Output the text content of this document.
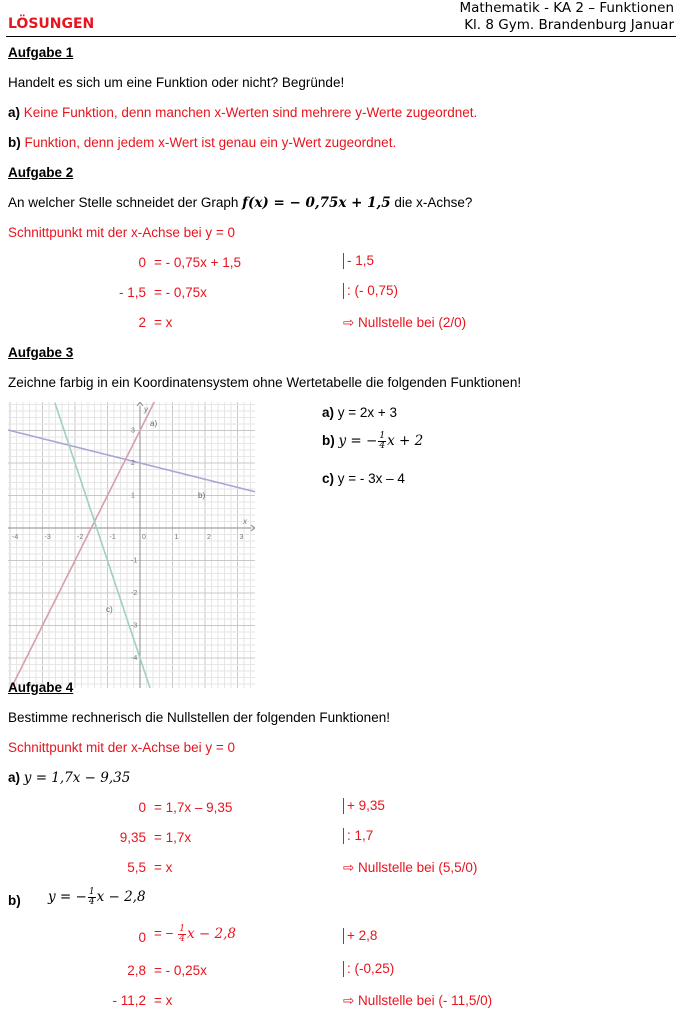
LÖSUNGEN
Mathematik - KA 2 – Funktionen
Kl. 8 Gym. Brandenburg Januar
Aufgabe 1
Handelt es sich um eine Funktion oder nicht? Begründe!
a) Keine Funktion, denn manchen x-Werten sind mehrere y-Werte zugeordnet.
b) Funktion, denn jedem x-Wert ist genau ein y-Wert zugeordnet.
Aufgabe 2
An welcher Stelle schneidet der Graph f(x) = − 0,75x + 1,5 die x-Achse?
Schnittpunkt mit der x-Achse bei y = 0
0 = - 0,75x + 1,5	- 1,5
- 1,5 = - 0,75x	: (- 0,75)
2 = x	⇨ Nullstelle bei (2/0)
Aufgabe 3
Zeichne farbig in ein Koordinatensystem ohne Wertetabelle die folgenden Funktionen!
-4	-3	-2	-1	0	1	2	3
3
2
1
-1
-2
-3
-4
x
y
a)
b)
c)
a) y = 2x + 3
b) y = − $\frac{1}{4}$ x + 2
c) y = - 3x – 4
Aufgabe 4
Bestimme rechnerisch die Nullstellen der folgenden Funktionen!
Schnittpunkt mit der x-Achse bei y = 0
a) y = 1,7x − 9,35
0 = 1,7x – 9,35	+ 9,35
9,35 = 1,7x	: 1,7
5,5 = x	⇨ Nullstelle bei (5,5/0)
b) y = − $\frac{1}{4}$ x − 2,8
0 = − $\frac{1}{4}$ x − 2,8	+ 2,8
2,8 = - 0,25x	: (-0,25)
- 11,2 = x	⇨ Nullstelle bei (- 11,5/0)
